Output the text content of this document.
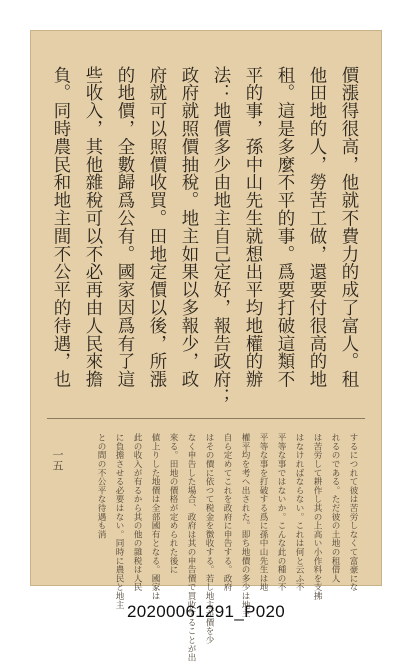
價漲得很高，他就不費力的成了富人。租
他田地的人，勞苦工做，還要付很高的地
租。這是多麼不平的事。爲要打破這類不
平的事，孫中山先生就想出平均地權的辦
法：地價多少由地主自己定好，報告政府；
政府就照價抽稅。地主如果以多報少，政
府就可以照價收買。田地定價以後，所漲
的地價，全數歸爲公有。國家因爲有了這
些收入，其他雜稅可以不必再由人民來擔
負。同時農民和地主間不公平的待遇，也
するにつれて彼は苦労しなくて富豪にな
れるのである。ただ彼の土地の租借人
は苦労して耕作し其の上高い小作料を支拂
はなければならない。これは何と云ふ不
平等な事ではないか。こんな此の種の不
平等な事を打破する爲に孫中山先生は地
權平均を考へ出された。即ち地價の多少は地主
自ら定めてこれを政府に申告する。政府
はその價に依つて税金を徴收する。若し地主が價を少
なく申告した場合、政府は其の申告價で買收することが出
來る。田地の價格が定められた後に
値上りした地價は全部國有となる。國家は
此の收入が有るから其の他の雜税は人民
に負擔させる必要はない。同時に農民と地主
との間の不公平な待遇も消
一五
20200061291_P020
